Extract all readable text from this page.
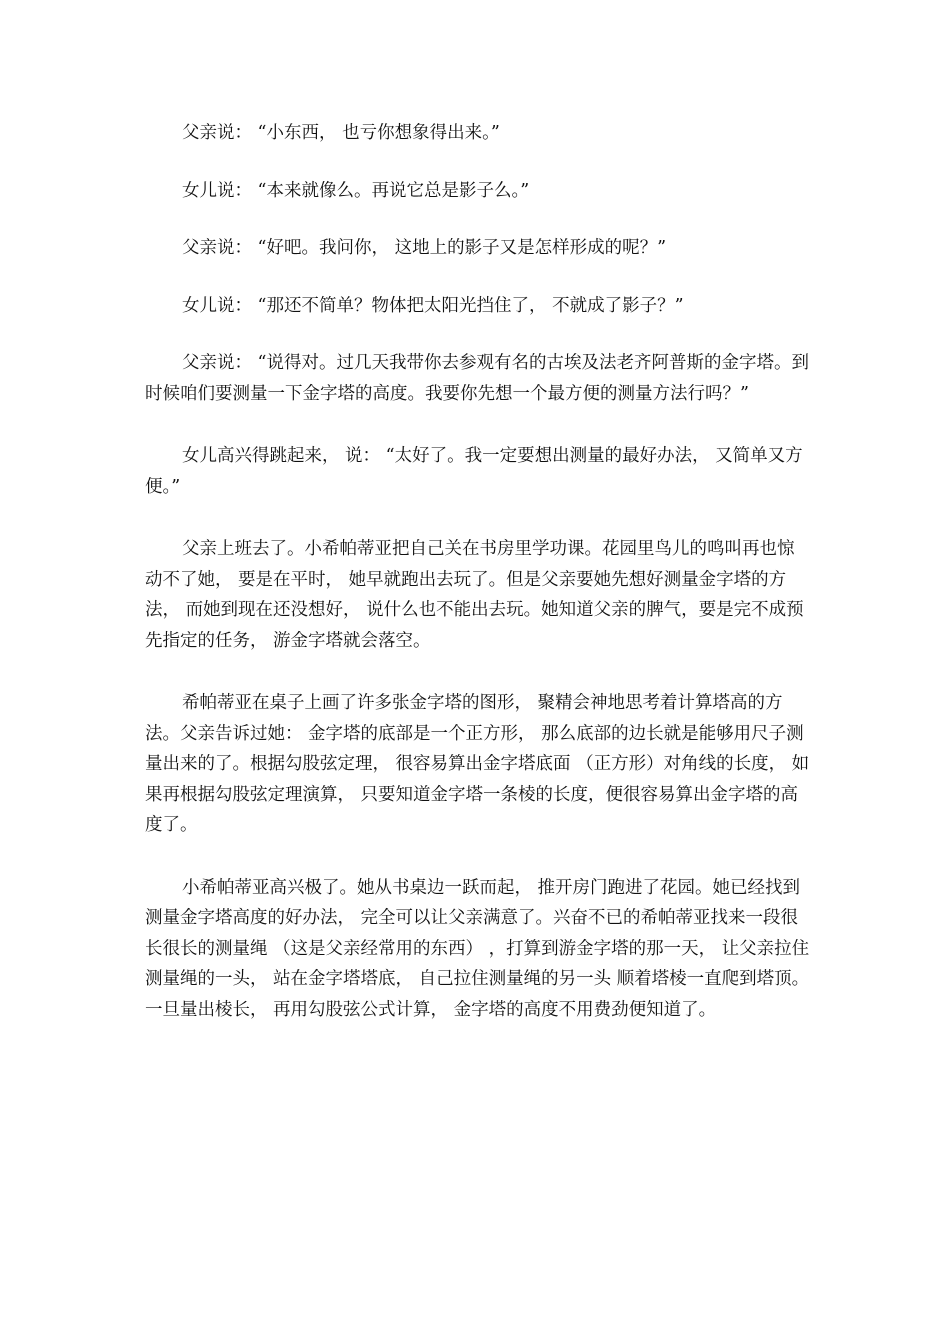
父亲说： “小东西， 也亏你想象得出来。”

女儿说： “本来就像么。再说它总是影子么。”

父亲说： “好吧。我问你， 这地上的影子又是怎样形成的呢？”

女儿说： “那还不简单？物体把太阳光挡住了， 不就成了影子？”

父亲说： “说得对。过几天我带你去参观有名的古埃及法老齐阿普斯的金字塔。到时候咱们要测量一下金字塔的高度。我要你先想一个最方便的测量方法行吗？”

女儿高兴得跳起来， 说： “太好了。我一定要想出测量的最好办法， 又简单又方便。”

父亲上班去了。小希帕蒂亚把自己关在书房里学功课。花园里鸟儿的鸣叫再也惊动不了她， 要是在平时， 她早就跑出去玩了。但是父亲要她先想好测量金字塔的方法， 而她到现在还没想好， 说什么也不能出去玩。她知道父亲的脾气，要是完不成预先指定的任务， 游金字塔就会落空。

希帕蒂亚在桌子上画了许多张金字塔的图形， 聚精会神地思考着计算塔高的方法。父亲告诉过她： 金字塔的底部是一个正方形， 那么底部的边长就是能够用尺子测量出来的了。根据勾股弦定理， 很容易算出金字塔底面 （正方形）对角线的长度， 如果再根据勾股弦定理演算， 只要知道金字塔一条棱的长度，便很容易算出金字塔的高度了。

小希帕蒂亚高兴极了。她从书桌边一跃而起， 推开房门跑进了花园。她已经找到测量金字塔高度的好办法， 完全可以让父亲满意了。兴奋不已的希帕蒂亚找来一段很长很长的测量绳 （这是父亲经常用的东西） ，打算到游金字塔的那一天， 让父亲拉住测量绳的一头， 站在金字塔塔底， 自己拉住测量绳的另一头 顺着塔棱一直爬到塔顶。一旦量出棱长， 再用勾股弦公式计算， 金字塔的高度不用费劲便知道了。
